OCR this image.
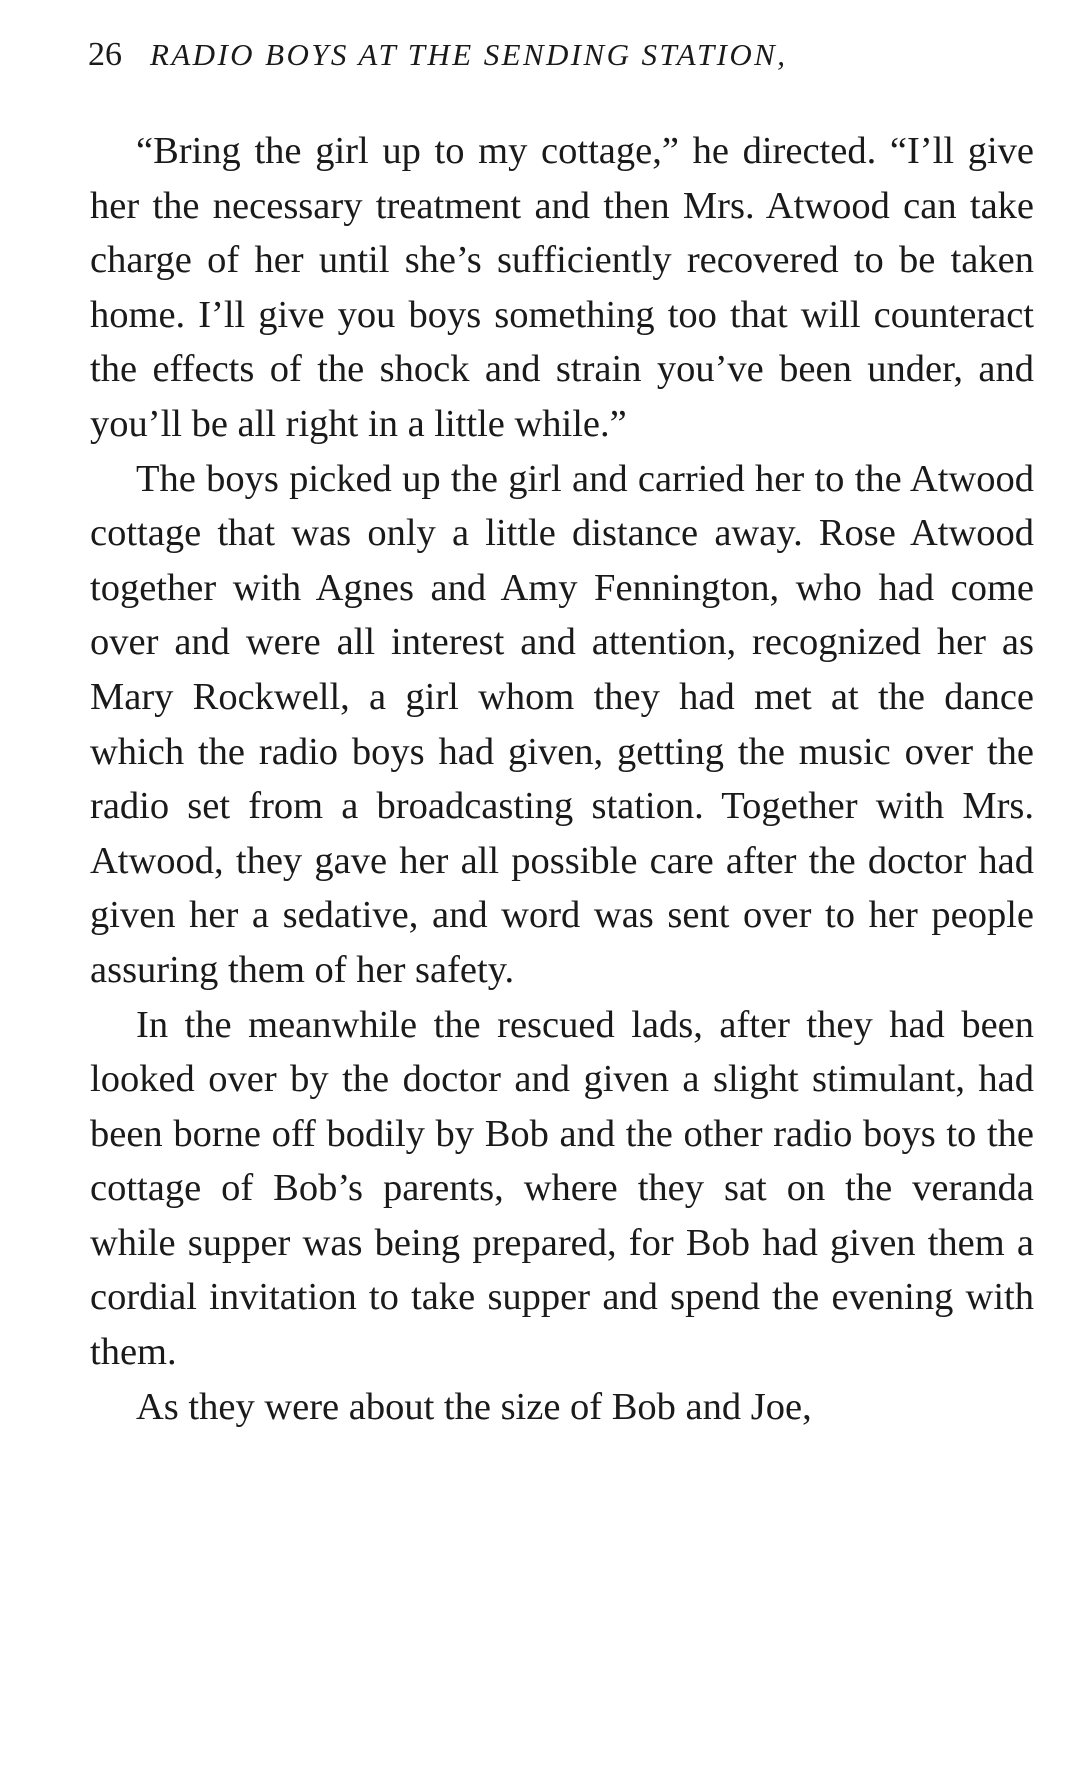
26 RADIO BOYS AT THE SENDING STATION,

“Bring the girl up to my cottage,” he directed. “I’ll give her the necessary treatment and then Mrs. Atwood can take charge of her until she’s sufficiently recovered to be taken home. I’ll give you boys something too that will counteract the effects of the shock and strain you’ve been under, and you’ll be all right in a little while.”

The boys picked up the girl and carried her to the Atwood cottage that was only a little distance away. Rose Atwood together with Agnes and Amy Fennington, who had come over and were all interest and attention, recognized her as Mary Rockwell, a girl whom they had met at the dance which the radio boys had given, getting the music over the radio set from a broadcasting station. Together with Mrs. Atwood, they gave her all possible care after the doctor had given her a sedative, and word was sent over to her people assuring them of her safety.

In the meanwhile the rescued lads, after they had been looked over by the doctor and given a slight stimulant, had been borne off bodily by Bob and the other radio boys to the cottage of Bob’s parents, where they sat on the veranda while supper was being prepared, for Bob had given them a cordial invitation to take supper and spend the evening with them.

As they were about the size of Bob and Joe,
